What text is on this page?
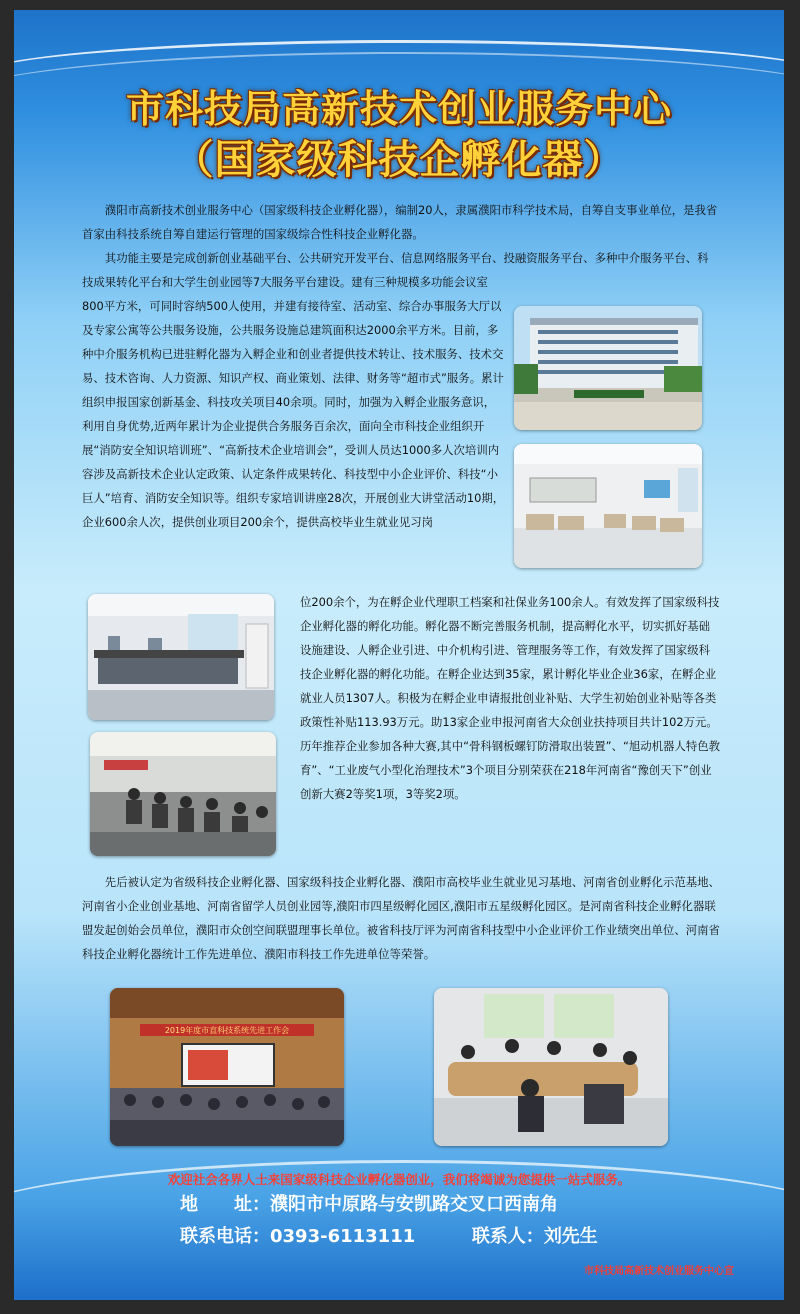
市科技局高新技术创业服务中心
（国家级科技企孵化器）
濮阳市高新技术创业服务中心（国家级科技企业孵化器），编制20人，隶属濮阳市科学技术局，自筹自支事业单位，是我省首家由科技系统自筹自建运行管理的国家级综合性科技企业孵化器。
其功能主要是完成创新创业基础平台、公共研究开发平台、信息网络服务平台、投融资服务平台、多种中介服务平台、科技成果转化平台和大学生创业园等7大服务平台建设。建有三种规模多功能会议室
800平方米，可同时容纳500人使用，并建有接待室、活动室、综合办事服务大厅以及专家公寓等公共服务设施，公共服务设施总建筑面积达2000余平方米。目前，多种中介服务机构已进驻孵化器为入孵企业和创业者提供技术转让、技术服务、技术交易、技术咨询、人力资源、知识产权、商业策划、法律、财务等“超市式”服务。累计组织申报国家创新基金、科技攻关项目40余项。同时，加强为入孵企业服务意识，利用自身优势,近两年累计为企业提供合务服务百余次，面向全市科技企业组织开展“消防安全知识培训班”、“高新技术企业培训会”，受训人员达1000多人次培训内容涉及高新技术企业认定政策、认定条件成果转化、科技型中小企业评价、科技“小巨人”培育、消防安全知识等。组织专家培训讲座28次，开展创业大讲堂活动10期，企业600余人次，提供创业项目200余个，提供高校毕业生就业见习岗
位200余个，为在孵企业代理职工档案和社保业务100余人。有效发挥了国家级科技企业孵化器的孵化功能。孵化器不断完善服务机制，提高孵化水平，切实抓好基础设施建设、人孵企业引进、中介机构引进、管理服务等工作，有效发挥了国家级科技企业孵化器的孵化功能。在孵企业达到35家，累计孵化毕业企业36家，在孵企业就业人员1307人。积极为在孵企业申请报批创业补贴、大学生初始创业补贴等各类政策性补贴113.93万元。助13家企业申报河南省大众创业扶持项目共计102万元。历年推荐企业参加各种大赛,其中“骨科钢板螺钉防滑取出装置”、“旭动机器人特色教育”、“工业废气小型化治理技术”3个项目分别荣获在218年河南省“豫创天下”创业创新大赛2等奖1项，3等奖2项。
先后被认定为省级科技企业孵化器、国家级科技企业孵化器、濮阳市高校毕业生就业见习基地、河南省创业孵化示范基地、河南省小企业创业基地、河南省留学人员创业园等,濮阳市四星级孵化园区,濮阳市五星级孵化园区。是河南省科技企业孵化器联盟发起创始会员单位，濮阳市众创空间联盟理事长单位。被省科技厅评为河南省科技型中小企业评价工作业绩突出单位、河南省科技企业孵化器统计工作先进单位、濮阳市科技工作先进单位等荣誉。
2019年度市直科技系统先进工作会
欢迎社会各界人士来国家级科技企业孵化器创业，我们将竭诚为您提供一站式服务。
地　　址：濮阳市中原路与安凯路交叉口西南角
联系电话：0393-6113111	联系人：刘先生
市科技局高新技术创业服务中心宣
